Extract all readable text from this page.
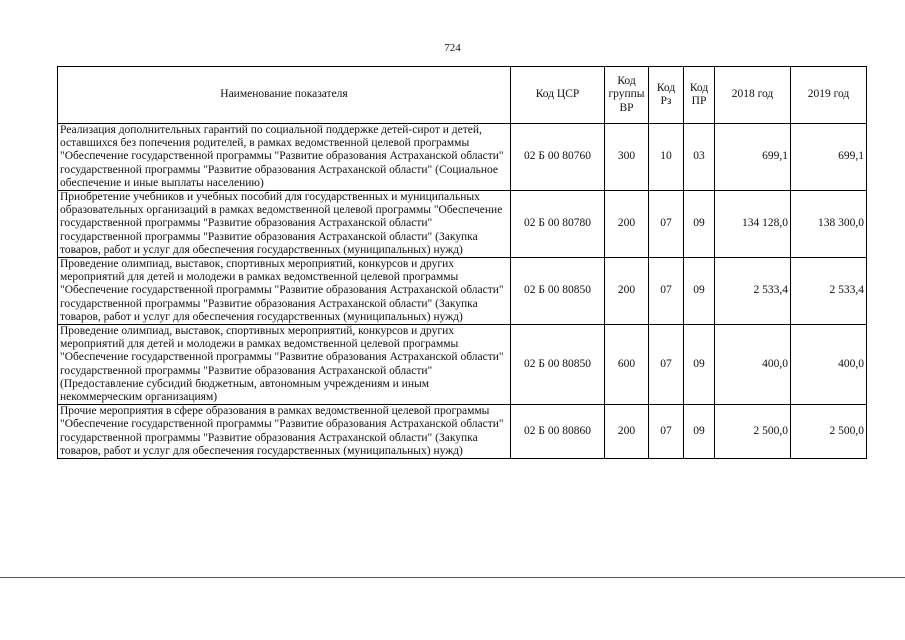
724
Наименование показателя	Код ЦСР	Код группы ВР	Код Рз	Код ПР	2018 год	2019 год
Реализация дополнительных гарантий по социальной поддержке детей-сирот и детей, оставшихся без попечения родителей, в рамках ведомственной целевой программы "Обеспечение государственной программы "Развитие образования Астраханской области" государственной программы "Развитие образования Астраханской области" (Социальное обеспечение и иные выплаты населению)	02 Б 00 80760	300	10	03	699,1	699,1
Приобретение учебников и учебных пособий для государственных и муниципальных образовательных организаций в рамках ведомственной целевой программы "Обеспечение государственной программы "Развитие образования Астраханской области" государственной программы "Развитие образования Астраханской области" (Закупка товаров, работ и услуг для обеспечения государственных (муниципальных) нужд)	02 Б 00 80780	200	07	09	134 128,0	138 300,0
Проведение олимпиад, выставок, спортивных мероприятий, конкурсов и других мероприятий для детей и молодежи в рамках ведомственной целевой программы "Обеспечение государственной программы "Развитие образования Астраханской области" государственной программы "Развитие образования Астраханской области" (Закупка товаров, работ и услуг для обеспечения государственных (муниципальных) нужд)	02 Б 00 80850	200	07	09	2 533,4	2 533,4
Проведение олимпиад, выставок, спортивных мероприятий, конкурсов и других мероприятий для детей и молодежи в рамках ведомственной целевой программы "Обеспечение государственной программы "Развитие образования Астраханской области" государственной программы "Развитие образования Астраханской области" (Предоставление субсидий бюджетным, автономным учреждениям и иным некоммерческим организациям)	02 Б 00 80850	600	07	09	400,0	400,0
Прочие мероприятия в сфере образования в рамках ведомственной целевой программы "Обеспечение государственной программы "Развитие образования Астраханской области" государственной программы "Развитие образования Астраханской области" (Закупка товаров, работ и услуг для обеспечения государственных (муниципальных) нужд)	02 Б 00 80860	200	07	09	2 500,0	2 500,0
